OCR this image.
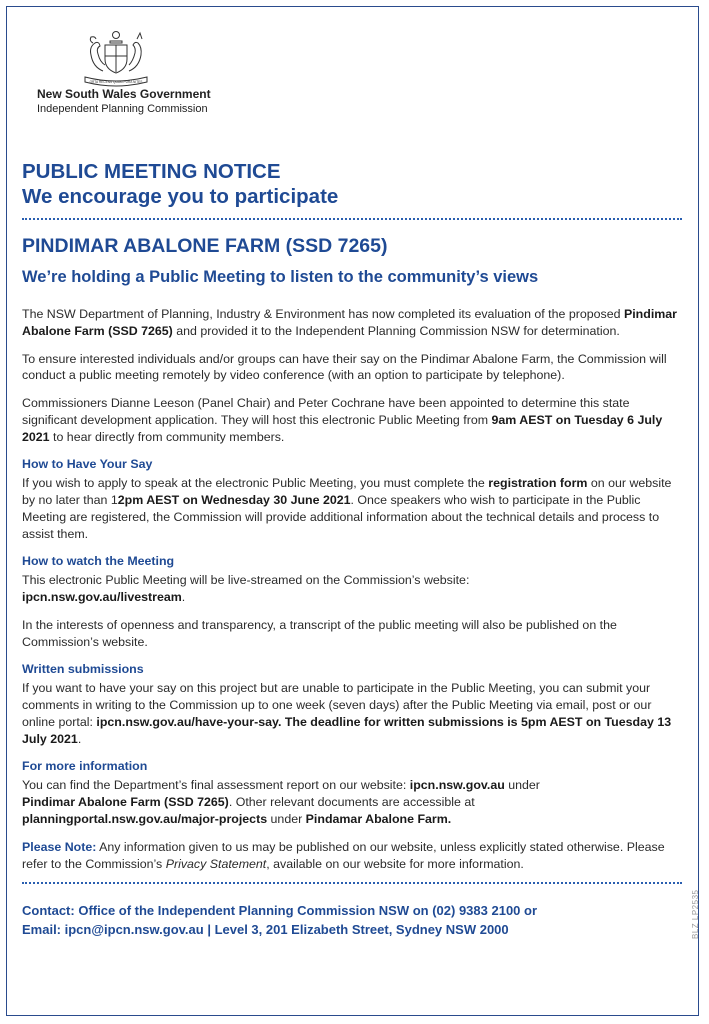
ORTA RECENS QUAM PURA NITES
New South Wales Government
Independent Planning Commission
PUBLIC MEETING NOTICE
We encourage you to participate
PINDIMAR ABALONE FARM (SSD 7265)
We’re holding a Public Meeting to listen to the community’s views

The NSW Department of Planning, Industry & Environment has now completed its evaluation of the proposed Pindimar Abalone Farm (SSD 7265) and provided it to the Independent Planning Commission NSW for determination.

To ensure interested individuals and/or groups can have their say on the Pindimar Abalone Farm, the Commission will conduct a public meeting remotely by video conference (with an option to participate by telephone).

Commissioners Dianne Leeson (Panel Chair) and Peter Cochrane have been appointed to determine this state significant development application. They will host this electronic Public Meeting from 9am AEST on Tuesday 6 July 2021 to hear directly from community members.

How to Have Your Say

If you wish to apply to speak at the electronic Public Meeting, you must complete the registration form on our website by no later than 12pm AEST on Wednesday 30 June 2021. Once speakers who wish to participate in the Public Meeting are registered, the Commission will provide additional information about the technical details and process to assist them.

How to watch the Meeting

This electronic Public Meeting will be live-streamed on the Commission’s website:
ipcn.nsw.gov.au/livestream.

In the interests of openness and transparency, a transcript of the public meeting will also be published on the Commission’s website.

Written submissions

If you want to have your say on this project but are unable to participate in the Public Meeting, you can submit your comments in writing to the Commission up to one week (seven days) after the Public Meeting via email, post or our online portal: ipcn.nsw.gov.au/have-your-say. The deadline for written submissions is 5pm AEST on Tuesday 13 July 2021.

For more information

You can find the Department’s final assessment report on our website: ipcn.nsw.gov.au under
Pindimar Abalone Farm (SSD 7265). Other relevant documents are accessible at
planningportal.nsw.gov.au/major-projects under Pindamar Abalone Farm.

Please Note: Any information given to us may be published on our website, unless explicitly stated otherwise. Please refer to the Commission’s Privacy Statement, available on our website for more information.

Contact: Office of the Independent Planning Commission NSW on (02) 9383 2100 or
Email: ipcn@ipcn.nsw.gov.au | Level 3, 201 Elizabeth Street, Sydney NSW 2000	BLZ LP2535
